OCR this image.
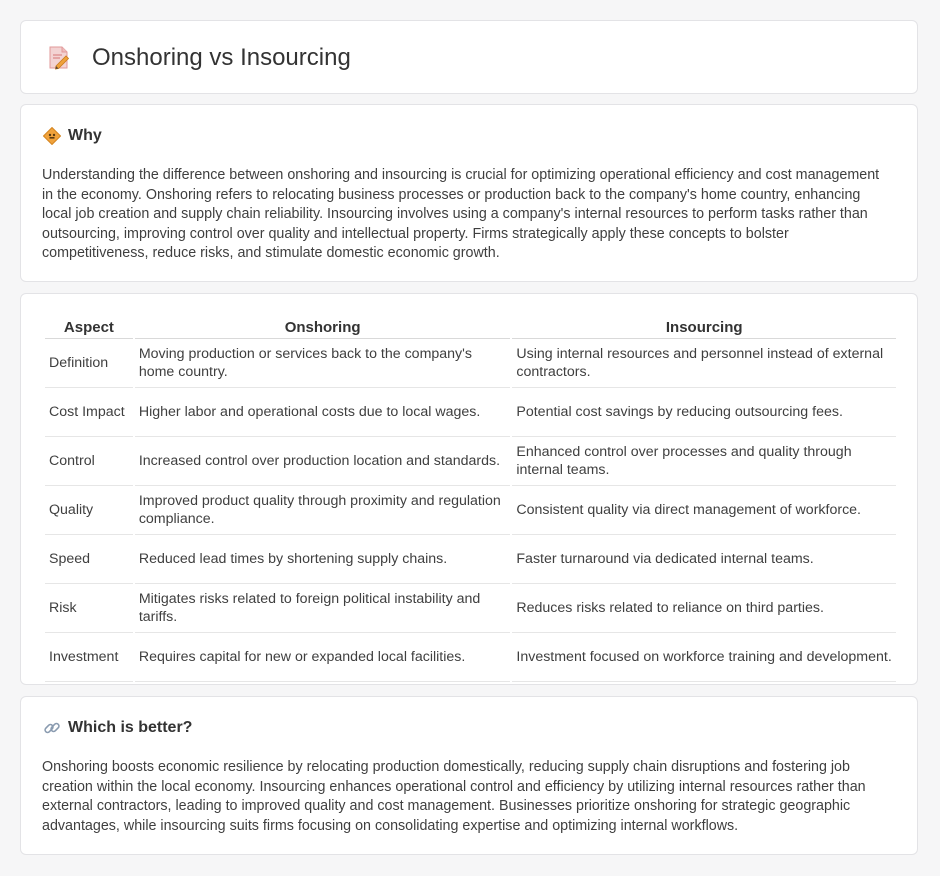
Onshoring vs Insourcing
Why

Understanding the difference between onshoring and insourcing is crucial for optimizing operational efficiency and cost management in the economy. Onshoring refers to relocating business processes or production back to the company's home country, enhancing local job creation and supply chain reliability. Insourcing involves using a company's internal resources to perform tasks rather than outsourcing, improving control over quality and intellectual property. Firms strategically apply these concepts to bolster competitiveness, reduce risks, and stimulate domestic economic growth.

Aspect	Onshoring	Insourcing
Definition	Moving production or services back to the company's home country.	Using internal resources and personnel instead of external contractors.
Cost Impact	Higher labor and operational costs due to local wages.	Potential cost savings by reducing outsourcing fees.
Control	Increased control over production location and standards.	Enhanced control over processes and quality through internal teams.
Quality	Improved product quality through proximity and regulation compliance.	Consistent quality via direct management of workforce.
Speed	Reduced lead times by shortening supply chains.	Faster turnaround via dedicated internal teams.
Risk	Mitigates risks related to foreign political instability and tariffs.	Reduces risks related to reliance on third parties.
Investment	Requires capital for new or expanded local facilities.	Investment focused on workforce training and development.
Which is better?

Onshoring boosts economic resilience by relocating production domestically, reducing supply chain disruptions and fostering job creation within the local economy. Insourcing enhances operational control and efficiency by utilizing internal resources rather than external contractors, leading to improved quality and cost management. Businesses prioritize onshoring for strategic geographic advantages, while insourcing suits firms focusing on consolidating expertise and optimizing internal workflows.
